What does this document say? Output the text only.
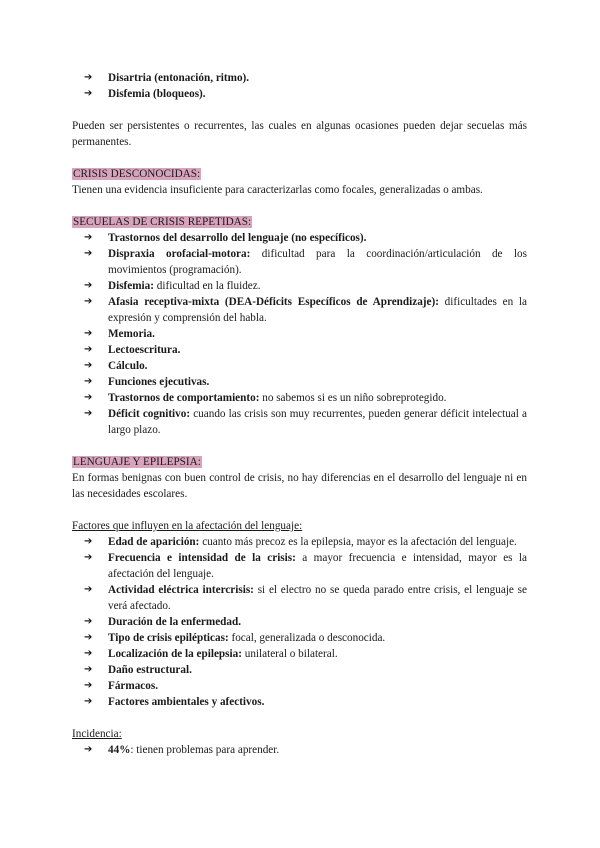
➔	Disartria (entonación, ritmo).
➔	Disfemia (bloqueos).

Pueden ser persistentes o recurrentes, las cuales en algunas ocasiones pueden dejar secuelas más permanentes.

CRISIS DESCONOCIDAS:

Tienen una evidencia insuficiente para caracterizarlas como focales, generalizadas o ambas.

SECUELAS DE CRISIS REPETIDAS:

➔	Trastornos del desarrollo del lenguaje (no específicos).
➔	Dispraxia orofacial-motora: dificultad para la coordinación/articulación de los movimientos (programación).
➔	Disfemia: dificultad en la fluidez.
➔	Afasia receptiva-mixta (DEA-Déficits Específicos de Aprendizaje): dificultades en la expresión y comprensión del habla.
➔	Memoria.
➔	Lectoescritura.
➔	Cálculo.
➔	Funciones ejecutivas.
➔	Trastornos de comportamiento: no sabemos si es un niño sobreprotegido.
➔	Déficit cognitivo: cuando las crisis son muy recurrentes, pueden generar déficit intelectual a largo plazo.

LENGUAJE Y EPILEPSIA:

En formas benignas con buen control de crisis, no hay diferencias en el desarrollo del lenguaje ni en las necesidades escolares.

Factores que influyen en la afectación del lenguaje:

➔	Edad de aparición: cuanto más precoz es la epilepsia, mayor es la afectación del lenguaje.
➔	Frecuencia e intensidad de la crisis: a mayor frecuencia e intensidad, mayor es la afectación del lenguaje.
➔	Actividad eléctrica intercrisis: si el electro no se queda parado entre crisis, el lenguaje se verá afectado.
➔	Duración de la enfermedad.
➔	Tipo de crisis epilépticas: focal, generalizada o desconocida.
➔	Localización de la epilepsia: unilateral o bilateral.
➔	Daño estructural.
➔	Fármacos.
➔	Factores ambientales y afectivos.

Incidencia:

➔	44%: tienen problemas para aprender.
